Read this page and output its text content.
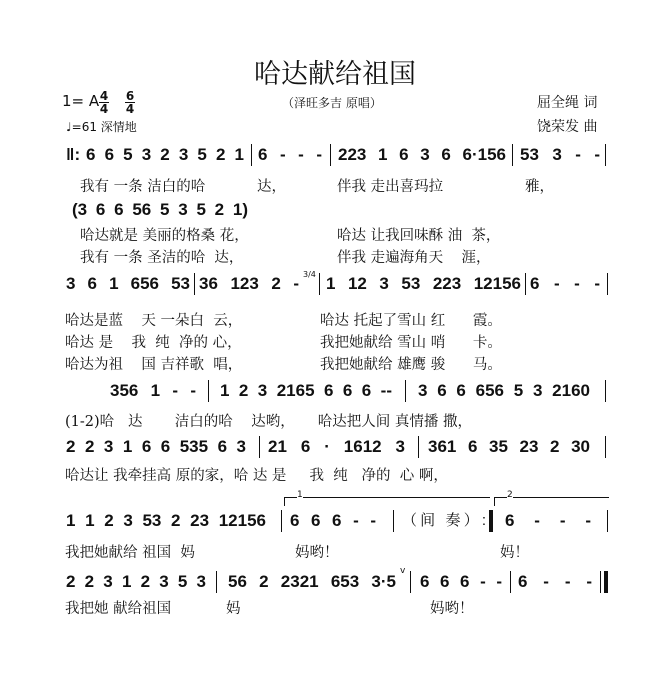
哈达献给祖国
1= A $\frac{4}{4} \frac{6}{4}$
♩=61 深情地
（泽旺多吉 原唱）	屈全绳 词
饶荣发 曲
‖: 6 6 5 3 2 3 5 2 1 6 - - - 223 1 6 3 6 6·156 53 3 - -
我有 一条 洁白的哈	达，	伴我 走出喜玛拉	雅，
(3 6 6 56 5 3 5 2 1)
哈达就是 美丽的格桑 花，	哈达 让我回味酥 油  茶，
我有 一条 圣洁的哈  达，	伴我 走遍海角天    涯，
3 6 1 656 53 36 123 2 - 3/4 1 12 3 53 223 12156 6 - - -
哈达是蓝    天 一朵白  云，	哈达 托起了雪山 红      霞。
哈达 是    我  纯  净的 心，	我把她献给 雪山 哨      卡。
哈达为祖    国 吉祥歌  唱，	我把她献给 雄鹰 骏      马。
356 1 - - 1 2 3 2165 6 6 6 -- 3 6 6 656 5 3 2160
(1-2)哈   达       洁白的哈    达哟，     哈达把人间 真情播 撒，
2 2 3 1 6 6 535 6 3 21 6 · 1612 3 361 6 35 23 2 30
哈达让 我牵挂高 原的家，哈 达 是     我  纯   净的  心 啊，
1	2
1 1 2 3 53 2 23 12156 6 6 6 - - （间 奏）: 6 - - -
我把她献给 祖国  妈	妈哟！	妈！
2 2 3 1 2 3 5 3 56 2 2321 653 3·5
v
6 6 6 - - 6 - - -
我把她 献给祖国	妈	妈哟！
